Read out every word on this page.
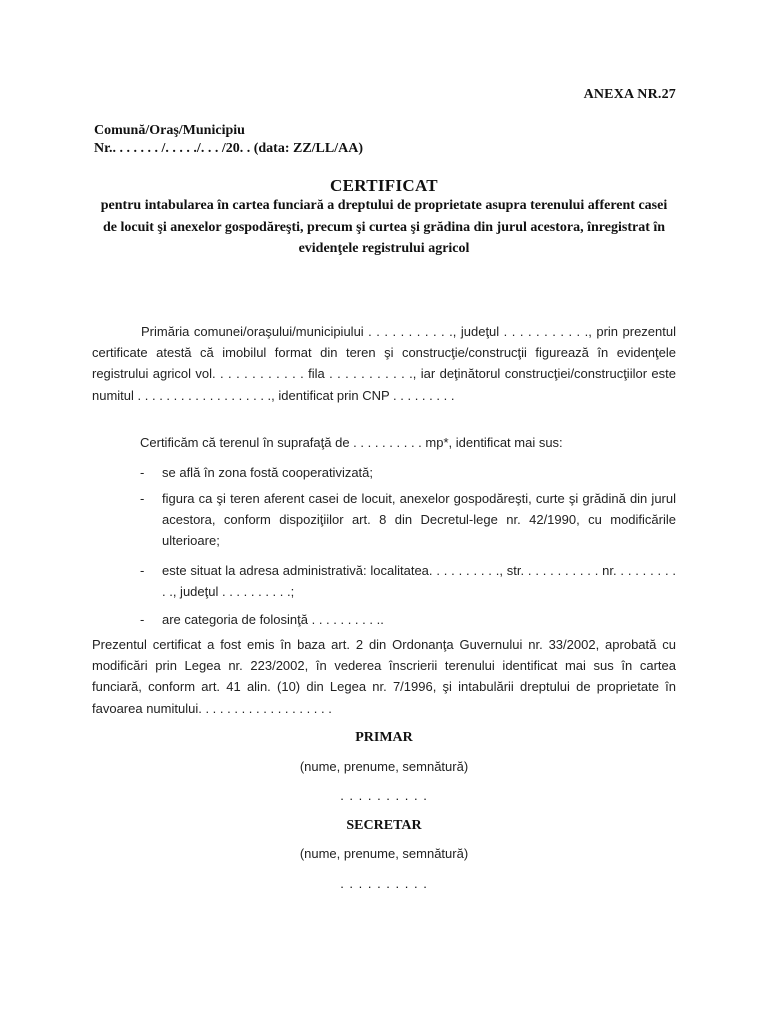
ANEXA NR.27

Comună/Oraş/Municipiu

Nr.. . . . . . . /. . . . ./. . . /20. . (data: ZZ/LL/AA)

CERTIFICAT

pentru intabularea în cartea funciară a dreptului de proprietate asupra terenului afferent casei de locuit şi anexelor gospodăreşti, precum şi curtea şi grădina din jurul acestora, înregistrat în evidenţele registrului agricol

Primăria comunei/oraşului/municipiului . . . . . . . . . . ., judeţul . . . . . . . . . . ., prin prezentul certificate atestă că imobilul format din teren şi construcţie/construcţii figurează în evidenţele registrului agricol vol. . . . . . . . . . . . fila . . . . . . . . . . ., iar deţinătorul construcţiei/construcţiilor este numitul . . . . . . . . . . . . . . . . . . ., identificat prin CNP . . . . . . . . .

Certificăm că terenul în suprafaţă de . . . . . . . . . . mp*, identificat mai sus:

- se află în zona fostă cooperativizată;
- figura ca şi teren aferent casei de locuit, anexelor gospodăreşti, curte şi grădină din jurul acestora, conform dispoziţiilor art. 8 din Decretul-lege nr. 42/1990, cu modificările ulterioare;
- este situat la adresa administrativă: localitatea. . . . . . . . . ., str. . . . . . . . . . . nr. . . . . . . . . . ., judeţul . . . . . . . . . .;
- are categoria de folosinţă . . . . . . . . . ..

Prezentul certificat a fost emis în baza art. 2 din Ordonanţa Guvernului nr. 33/2002, aprobată cu modificări prin Legea nr. 223/2002, în vederea înscrierii terenului identificat mai sus în cartea funciară, conform art. 41 alin. (10) din Legea nr. 7/1996, şi intabulării dreptului de proprietate în favoarea numitului. . . . . . . . . . . . . . . . . . .

PRIMAR

(nume, prenume, semnătură)

. . . . . . . . . .

SECRETAR

(nume, prenume, semnătură)

. . . . . . . . . .
